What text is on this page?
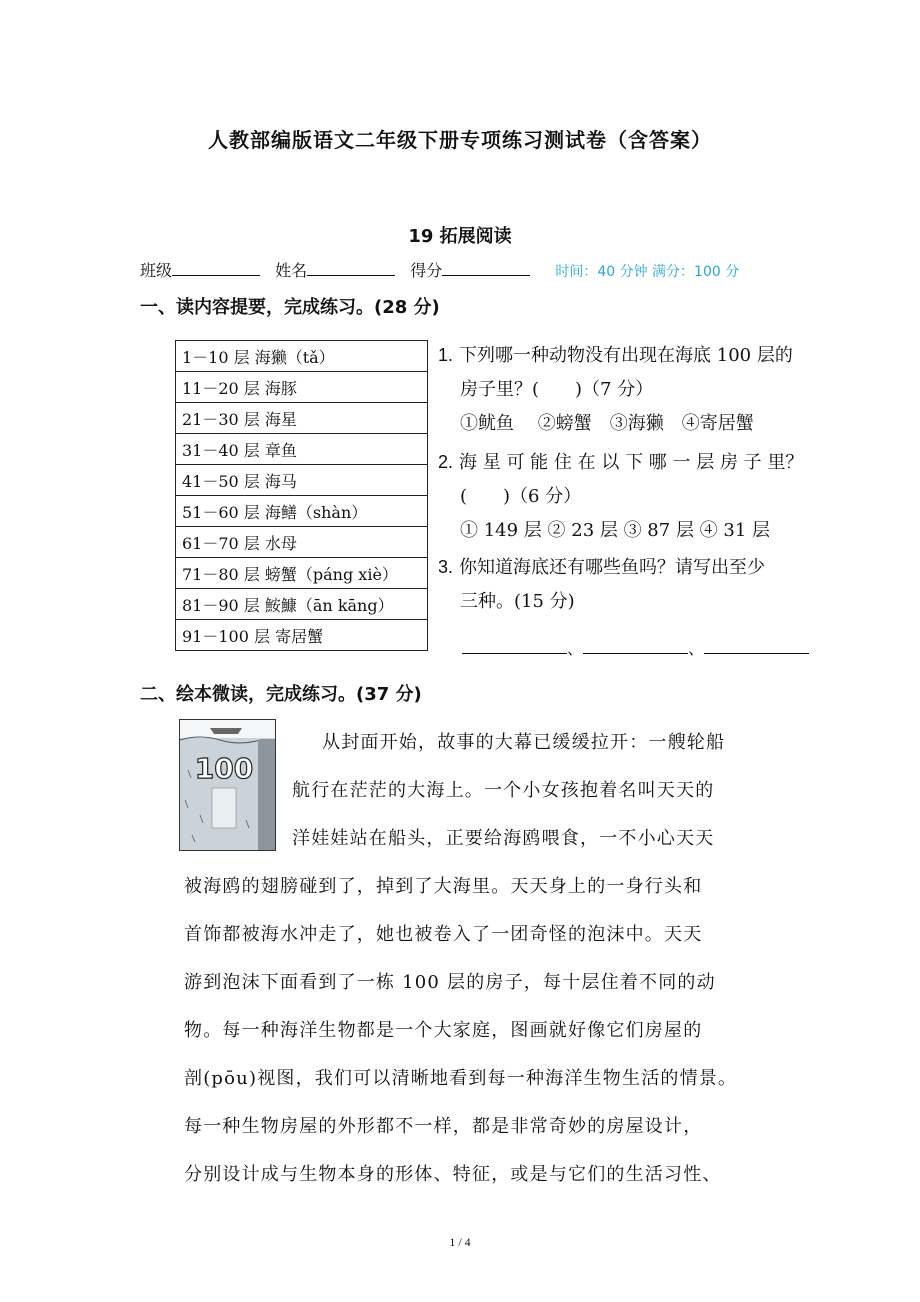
人教部编版语文二年级下册专项练习测试卷（含答案）
19 拓展阅读
班级	姓名	得分	时间：40 分钟 满分：100 分
一、读内容提要，完成练习。(28 分)
1－10 层 海獭（tǎ）
11－20 层 海豚
21－30 层 海星
31－40 层 章鱼
41－50 层 海马
51－60 层 海鳝（shàn）
61－70 层 水母
71－80 层 螃蟹（páng xiè）
81－90 层 鮟鱇（ān kāng）
91－100 层 寄居蟹
1. 下列哪一种动物没有出现在海底 100 层的
房子里？(　　)（7 分）
①鱿鱼　 ②螃蟹　③海獭　④寄居蟹
2. 海 星 可 能 住 在 以 下 哪 一 层 房 子 里？
(　　)（6 分）
① 149 层 ② 23 层 ③ 87 层 ④ 31 层
3. 你知道海底还有哪些鱼吗？请写出至少
三种。(15 分)
、	、
二、绘本微读，完成练习。(37 分)
100
从封面开始，故事的大幕已缓缓拉开：一艘轮船
航行在茫茫的大海上。一个小女孩抱着名叫天天的
洋娃娃站在船头，正要给海鸥喂食，一不小心天天
被海鸥的翅膀碰到了，掉到了大海里。天天身上的一身行头和
首饰都被海水冲走了，她也被卷入了一团奇怪的泡沫中。天天
游到泡沫下面看到了一栋 100 层的房子，每十层住着不同的动
物。每一种海洋生物都是一个大家庭，图画就好像它们房屋的
剖(pōu)视图，我们可以清晰地看到每一种海洋生物生活的情景。
每一种生物房屋的外形都不一样，都是非常奇妙的房屋设计，
分别设计成与生物本身的形体、特征，或是与它们的生活习性、
1 / 4
